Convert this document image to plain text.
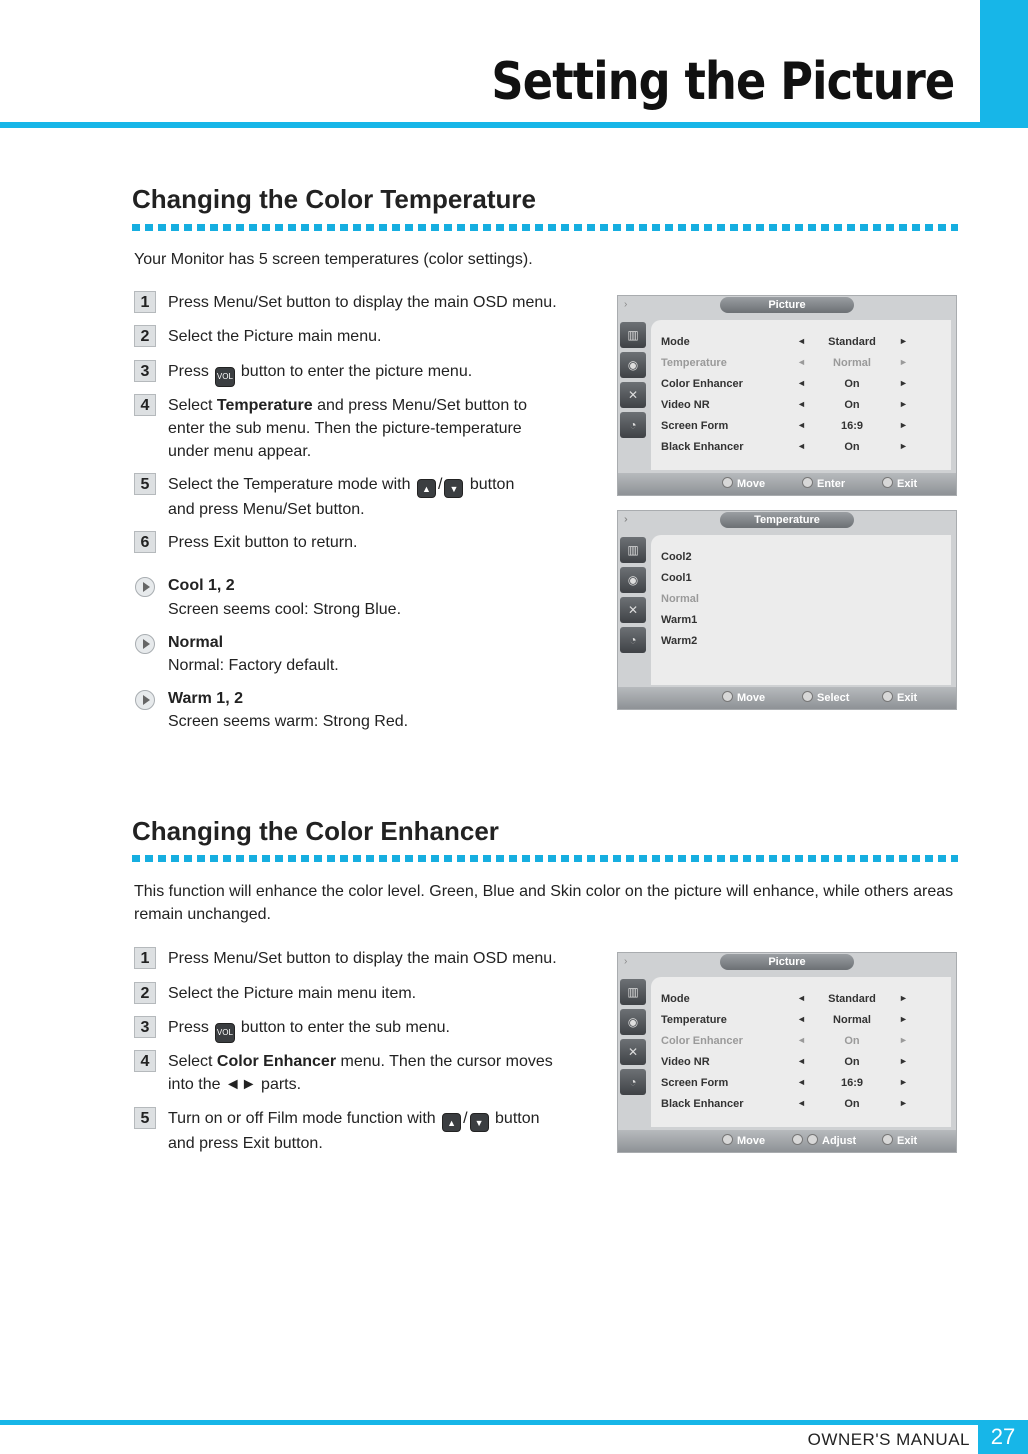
Setting the Picture
Changing the Color Temperature
Your Monitor has 5 screen temperatures (color settings).
1	Press Menu/Set button to display the main OSD menu.
2	Select the Picture main menu.
3	Press VOL button to enter the picture menu.
4	Select Temperature and press Menu/Set button to
enter the sub menu. Then the picture-temperature
under menu appear.
5	Select the Temperature mode with ▲ / ▼ button
and press Menu/Set button.
6	Press Exit button to return.
Cool 1, 2
Screen seems cool: Strong Blue.
Normal
Normal: Factory default.
Warm 1, 2
Screen seems warm: Strong Red.
›	Picture
▥
◉
✕
◔
Mode	◄	Standard	►
Temperature	◄	Normal	►
Color Enhancer	◄	On	►
Video NR	◄	On	►
Screen Form	◄	16:9	►
Black Enhancer	◄	On	►
Move	Enter	Exit
››	Temperature
▥
◉
✕
◔
Cool2
Cool1
Normal
Warm1
Warm2
Move	Select	Exit
Changing the Color Enhancer
This function will enhance the color level. Green, Blue and Skin color on the picture will enhance, while others areas remain unchanged.
1	Press Menu/Set button to display the main OSD menu.
2	Select the Picture main menu item.
3	Press VOL button to enter the sub menu.
4	Select Color Enhancer menu. Then the cursor moves
into the ◄► parts.
5	Turn on or off Film mode function with ▲ / ▼ button
and press Exit button.
›	Picture
▥
◉
✕
◔
Mode	◄	Standard	►
Temperature	◄	Normal	►
Color Enhancer	◄	On	►
Video NR	◄	On	►
Screen Form	◄	16:9	►
Black Enhancer	◄	On	►
Move	Adjust	Exit
OWNER'S MANUAL 27
